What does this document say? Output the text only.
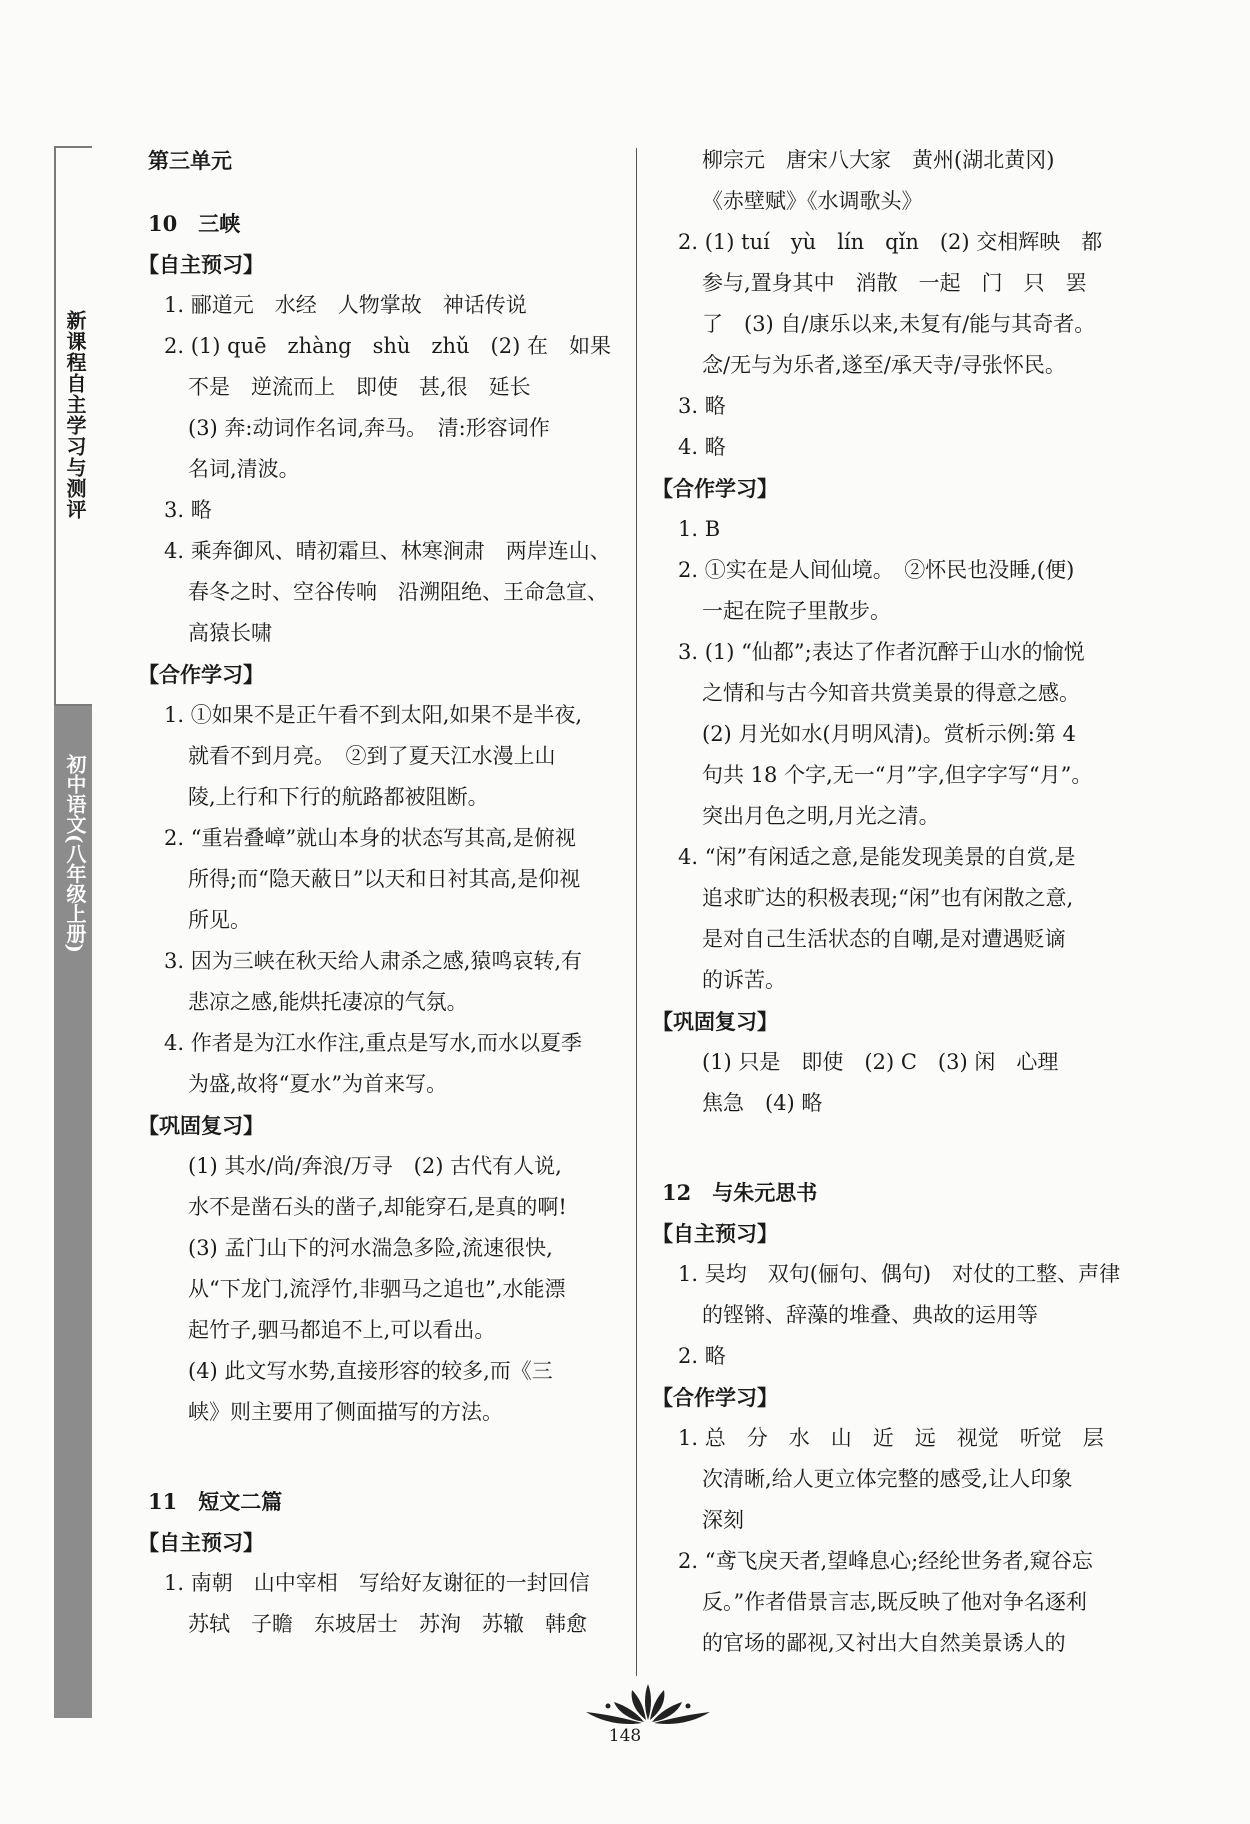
新课程自主学习与测评
初中语文(八年级上册)
第三单元
10　三峡
【自主预习】
1. 郦道元　水经　人物掌故　神话传说
2. (1) quē　zhàng　shù　zhǔ　(2) 在　如果
不是　逆流而上　即使　甚,很　延长
(3) 奔:动词作名词,奔马。　清:形容词作
名词,清波。
3. 略
4. 乘奔御风、晴初霜旦、林寒涧肃　两岸连山、
春冬之时、空谷传响　沿溯阻绝、王命急宣、
高猿长啸
【合作学习】
1. ①如果不是正午看不到太阳,如果不是半夜,
就看不到月亮。　②到了夏天江水漫上山
陵,上行和下行的航路都被阻断。
2. “重岩叠嶂”就山本身的状态写其高,是俯视
所得;而“隐天蔽日”以天和日衬其高,是仰视
所见。
3. 因为三峡在秋天给人肃杀之感,猿鸣哀转,有
悲凉之感,能烘托凄凉的气氛。
4. 作者是为江水作注,重点是写水,而水以夏季
为盛,故将“夏水”为首来写。
【巩固复习】
(1) 其水/尚/奔浪/万寻　(2) 古代有人说,
水不是凿石头的凿子,却能穿石,是真的啊!
(3) 孟门山下的河水湍急多险,流速很快,
从“下龙门,流浮竹,非驷马之追也”,水能漂
起竹子,驷马都追不上,可以看出。
(4) 此文写水势,直接形容的较多,而《三
峡》则主要用了侧面描写的方法。
11　短文二篇
【自主预习】
1. 南朝　山中宰相　写给好友谢征的一封回信
苏轼　子瞻　东坡居士　苏洵　苏辙　韩愈
柳宗元　唐宋八大家　黄州(湖北黄冈)
《赤壁赋》《水调歌头》
2. (1) tuí　yù　lín　qǐn　(2) 交相辉映　都
参与,置身其中　消散　一起　门　只　罢
了　(3) 自/康乐以来,未复有/能与其奇者。
念/无与为乐者,遂至/承天寺/寻张怀民。
3. 略
4. 略
【合作学习】
1. B
2. ①实在是人间仙境。　②怀民也没睡,(便)
一起在院子里散步。
3. (1) “仙都”;表达了作者沉醉于山水的愉悦
之情和与古今知音共赏美景的得意之感。
(2) 月光如水(月明风清)。赏析示例:第 4
句共 18 个字,无一“月”字,但字字写“月”。
突出月色之明,月光之清。
4. “闲”有闲适之意,是能发现美景的自赏,是
追求旷达的积极表现;“闲”也有闲散之意,
是对自己生活状态的自嘲,是对遭遇贬谪
的诉苦。
【巩固复习】
(1) 只是　即使　(2) C　(3) 闲　心理
焦急　(4) 略
12　与朱元思书
【自主预习】
1. 吴均　双句(俪句、偶句)　对仗的工整、声律
的铿锵、辞藻的堆叠、典故的运用等
2. 略
【合作学习】
1. 总　分　水　山　近　远　视觉　听觉　层
次清晰,给人更立体完整的感受,让人印象
深刻
2. “鸢飞戾天者,望峰息心;经纶世务者,窥谷忘
反。”作者借景言志,既反映了他对争名逐利
的官场的鄙视,又衬出大自然美景诱人的
148
